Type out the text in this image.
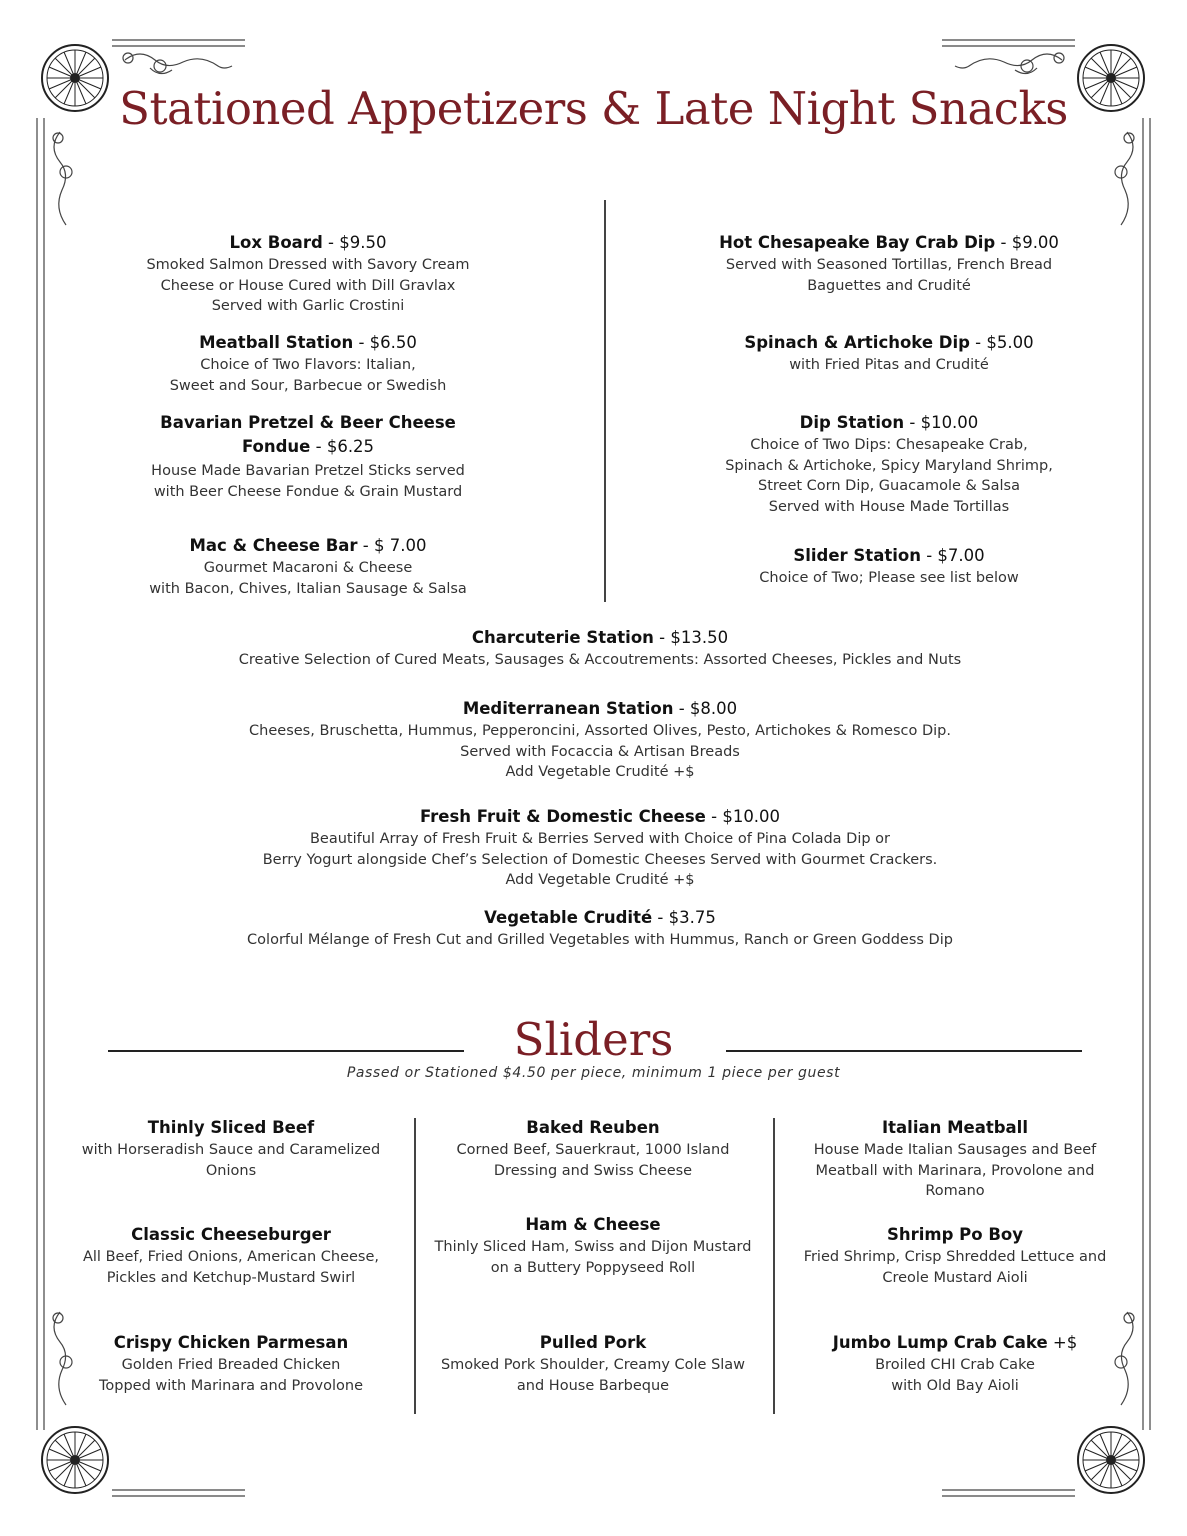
Stationed Appetizers & Late Night Snacks
Lox Board - $9.50
Smoked Salmon Dressed with Savory Cream
Cheese or House Cured with Dill Gravlax
Served with Garlic Crostini
Meatball Station - $6.50
Choice of Two Flavors: Italian,
Sweet and Sour, Barbecue or Swedish
Bavarian Pretzel & Beer Cheese
Fondue - $6.25
House Made Bavarian Pretzel Sticks served
with Beer Cheese Fondue & Grain Mustard
Mac & Cheese Bar - $ 7.00
Gourmet Macaroni & Cheese
with Bacon, Chives, Italian Sausage & Salsa
Hot Chesapeake Bay Crab Dip - $9.00
Served with Seasoned Tortillas, French Bread
Baguettes and Crudité
Spinach & Artichoke Dip - $5.00
with Fried Pitas and Crudité
Dip Station - $10.00
Choice of Two Dips: Chesapeake Crab,
Spinach & Artichoke, Spicy Maryland Shrimp,
Street Corn Dip, Guacamole & Salsa
Served with House Made Tortillas
Slider Station - $7.00
Choice of Two; Please see list below
Charcuterie Station - $13.50
Creative Selection of Cured Meats, Sausages & Accoutrements: Assorted Cheeses, Pickles and Nuts
Mediterranean Station - $8.00
Cheeses, Bruschetta, Hummus, Pepperoncini, Assorted Olives, Pesto, Artichokes & Romesco Dip.
Served with Focaccia & Artisan Breads
Add Vegetable Crudité +$
Fresh Fruit & Domestic Cheese - $10.00
Beautiful Array of Fresh Fruit & Berries Served with Choice of Pina Colada Dip or
Berry Yogurt alongside Chef’s Selection of Domestic Cheeses Served with Gourmet Crackers.
Add Vegetable Crudité +$
Vegetable Crudité - $3.75
Colorful Mélange of Fresh Cut and Grilled Vegetables with Hummus, Ranch or Green Goddess Dip
Sliders
Passed or Stationed $4.50 per piece, minimum 1 piece per guest
Thinly Sliced Beef
with Horseradish Sauce and Caramelized
Onions
Classic Cheeseburger
All Beef, Fried Onions, American Cheese,
Pickles and Ketchup-Mustard Swirl
Crispy Chicken Parmesan
Golden Fried Breaded Chicken
Topped with Marinara and Provolone
Baked Reuben
Corned Beef, Sauerkraut, 1000 Island
Dressing and Swiss Cheese
Ham & Cheese
Thinly Sliced Ham, Swiss and Dijon Mustard
on a Buttery Poppyseed Roll
Pulled Pork
Smoked Pork Shoulder, Creamy Cole Slaw
and House Barbeque
Italian Meatball
House Made Italian Sausages and Beef
Meatball with Marinara, Provolone and
Romano
Shrimp Po Boy
Fried Shrimp, Crisp Shredded Lettuce and
Creole Mustard Aioli
Jumbo Lump Crab Cake +$
Broiled CHI Crab Cake
with Old Bay Aioli
